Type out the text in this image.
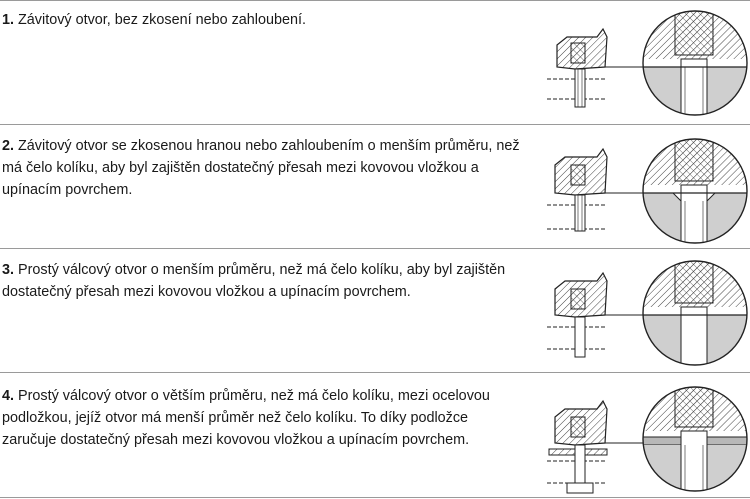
1. Závitový otvor, bez zkosení nebo zahloubení.
2. Závitový otvor se zkosenou hranou nebo zahloubením o menším průměru, než má čelo kolíku, aby byl zajištěn dostatečný přesah mezi kovovou vložkou a upínacím povrchem.
3. Prostý válcový otvor o menším průměru, než má čelo kolíku, aby byl zajištěn dostatečný přesah mezi kovovou vložkou a upínacím povrchem.
4. Prostý válcový otvor o větším průměru, než má čelo kolíku, mezi ocelovou podložkou, jejíž otvor má menší průměr než čelo kolíku. To díky podložce zaručuje dostatečný přesah mezi kovovou vložkou a upínacím povrchem.
